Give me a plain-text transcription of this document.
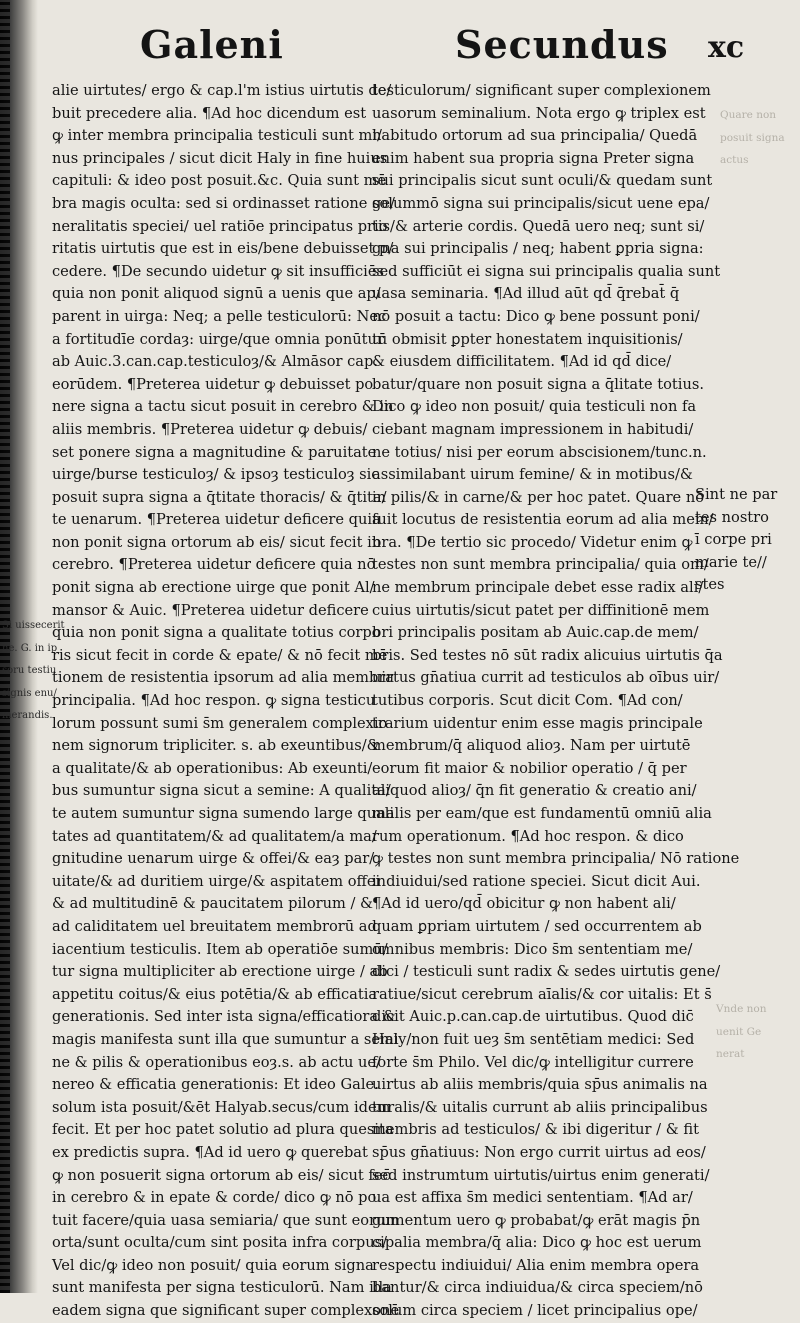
Galeni	Secundus xc
Si uissecerit
ne. G. in ip
soru testiu
signis enu/
merandis.
Quare non
posuit signa
actus
alie uirtutes/ ergo & cap.l'm istius uirtutis de/
buit precedere alia. ¶Ad hoc dicendum est
ꝙ inter membra principalia testiculi sunt mi/
nus principales / sicut dicit Haly in fine huius
capituli: & ideo post posuit.&c. Quia sunt mē
bra magis oculta: sed si ordinasset ratione ge/
neralitatis speciei/ uel ratiōe principatus prio
ritatis uirtutis que est in eis/bene debuisset p/
cedere. ¶De secundo uidetur ꝙ sit insufficiēs
quia non ponit aliquod signū a uenis que ap/
parent in uirga: Neq; a pelle testiculorū: Nec
a fortitudīe cordaȝ: uirge/que omnia ponūtur
ab Auic.3.can.cap.testiculoȝ/& Almāsor cap.
eorūdem. ¶Preterea uidetur ꝙ debuisset po
nere signa a tactu sicut posuit in cerebro & in
aliis membris. ¶Preterea uidetur ꝙ debuis/
set ponere signa a magnitudine & paruitate
uirge/burse testiculoȝ/ & ipsoȝ testiculoȝ sic
posuit supra signa a q̄titate thoracis/ & q̄tita/
te uenarum. ¶Preterea uidetur deficere quia
non ponit signa ortorum ab eis/ sicut fecit in
cerebro. ¶Preterea uidetur deficere quia nō
ponit signa ab erectione uirge que ponit Al/
mansor & Auic. ¶Preterea uidetur deficere
quia non ponit signa a qualitate totius corpo
ris sicut fecit in corde & epate/ & nō fecit mē
tionem de resistentia ipsorum ad alia membra
principalia. ¶Ad hoc respon. ꝙ signa testicu
lorum possunt sumi s̄m generalem complexio
nem signorum tripliciter. s. ab exeuntibus/&
a qualitate/& ab operationibus: Ab exeunti/
bus sumuntur signa sicut a semine: A qualita/
te autem sumuntur signa sumendo large quali
tates ad quantitatem/& ad qualitatem/a ma/
gnitudine uenarum uirge & offei/& eaȝ par/
uitate/& ad duritiem uirge/& aspitatem offei
& ad multitudinē & paucitatem pilorum / &
ad caliditatem uel breuitatem membrorū ad
iacentium testiculis. Item ab operatiōe sumū/
tur signa multipliciter ab erectione uirge / ab
appetitu coitus/& eius potētia/& ab efficatia
generationis. Sed inter ista signa/efficatiora &
magis manifesta sunt illa que sumuntur a semi
ne & pilis & operationibus eoȝ.s. ab actu ue/
nereo & efficatia generationis: Et ideo Gale.
solum ista posuit/&ēt Halyab.secus/cum idem
fecit. Et per hoc patet solutio ad plura quesita
ex predictis supra. ¶Ad id uero ꝙ querebat
ꝙ non posuerit signa ortorum ab eis/ sicut fec̄
in cerebro & in epate & corde/ dico ꝙ nō po
tuit facere/quia uasa semiaria/ que sunt eorum
orta/sunt oculta/cum sint posita infra corpus/
Vel dic/ꝙ ideo non posuit/ quia eorum signa
sunt manifesta per signa testiculorū. Nam illa
eadem signa que significant super complexonē
testiculorum/ significant super complexionem
uasorum seminalium. Nota ergo ꝙ triplex est
habitudo ortorum ad sua principalia/ Quedā
enim habent sua propria signa Preter signa
sui principalis sicut sunt oculi/& quedam sunt
solummō signa sui principalis/sicut uene epa/
tis/& arterie cordis. Quedā uero neq; sunt si/
gna sui principalis / neq; habent ꝑpria signa:
sed sufficiūt ei signa sui principalis qualia sunt
uasa seminaria. ¶Ad illud aūt qd̄ q̄rebat̄ q̄
nō posuit a tactu: Dico ꝙ bene possunt poni/
tū obmisit ꝑpter honestatem inquisitionis/
& eiusdem difficilitatem. ¶Ad id qd̄ dice/
batur/quare non posuit signa a q̄litate totius.
Dico ꝙ ideo non posuit/ quia testiculi non fa
ciebant magnam impressionem in habitudi/
ne totius/ nisi per eorum abscisionem/tunc.n.
assimilabant uirum femine/ & in motibus/&
in pilis/& in carne/& per hoc patet. Quare nō
fuit locutus de resistentia eorum ad alia mem/
bra. ¶De tertio sic procedo/ Videtur enim ꝙ
testes non sunt membra principalia/ quia om/
ne membrum principale debet esse radix ali/
cuius uirtutis/sicut patet per diffinitionē mem
bri principalis positam ab Auic.cap.de mem/
bris. Sed testes nō sūt radix alicuius uirtutis q̄a
uirtus gn̄atiua currit ad testiculos ab oībus uir/
tutibus corporis. Scut dicit Com. ¶Ad con/
trarium uidentur enim esse magis principale
membrum/q̄ aliquod alioȝ. Nam per uirtutē
eorum fit maior & nobilior operatio / q̄ per
aliquod alioȝ/ q̄n fit generatio & creatio ani/
malis per eam/que est fundamentū omniū alia
rum operationum. ¶Ad hoc respon. & dico
ꝙ testes non sunt membra principalia/ Nō ratione
indiuidui/sed ratione speciei. Sicut dicit Aui.
¶Ad id uero/qd̄ obicitur ꝙ non habent ali/
quam ꝑpriam uirtutem / sed occurrentem ab
omnibus membris: Dico s̄m sententiam me/
dici / testiculi sunt radix & sedes uirtutis gene/
ratiue/sicut cerebrum aīalis/& cor uitalis: Et s̄
dicit Auic.p.can.cap.de uirtutibus. Quod dic̄
Haly/non fuit ueȝ s̄m sentētiam medici: Sed
forte s̄m Philo. Vel dic/ꝙ intelligitur currere
uirtus ab aliis membris/quia sp̄us animalis na
turalis/& uitalis currunt ab aliis principalibus
membris ad testiculos/ & ibi digeritur / & fit
sp̄us gn̄atiuus: Non ergo currit uirtus ad eos/
sed instrumtum uirtutis/uirtus enim generati/
ua est affixa s̄m medici sententiam. ¶Ad ar/
gumentum uero ꝙ probabat/ꝙ erāt magis p̄n
cipalia membra/q̄ alia: Dico ꝙ hoc est uerum
respectu indiuidui/ Alia enim membra opera
bantur/& circa indiuidua/& circa speciem/nō
solum circa speciem / licet principalius ope/
Sint ne par
tes nostro
ī corpe pri
marie te//
stes
Vnde non
uenit Ge
nerat
